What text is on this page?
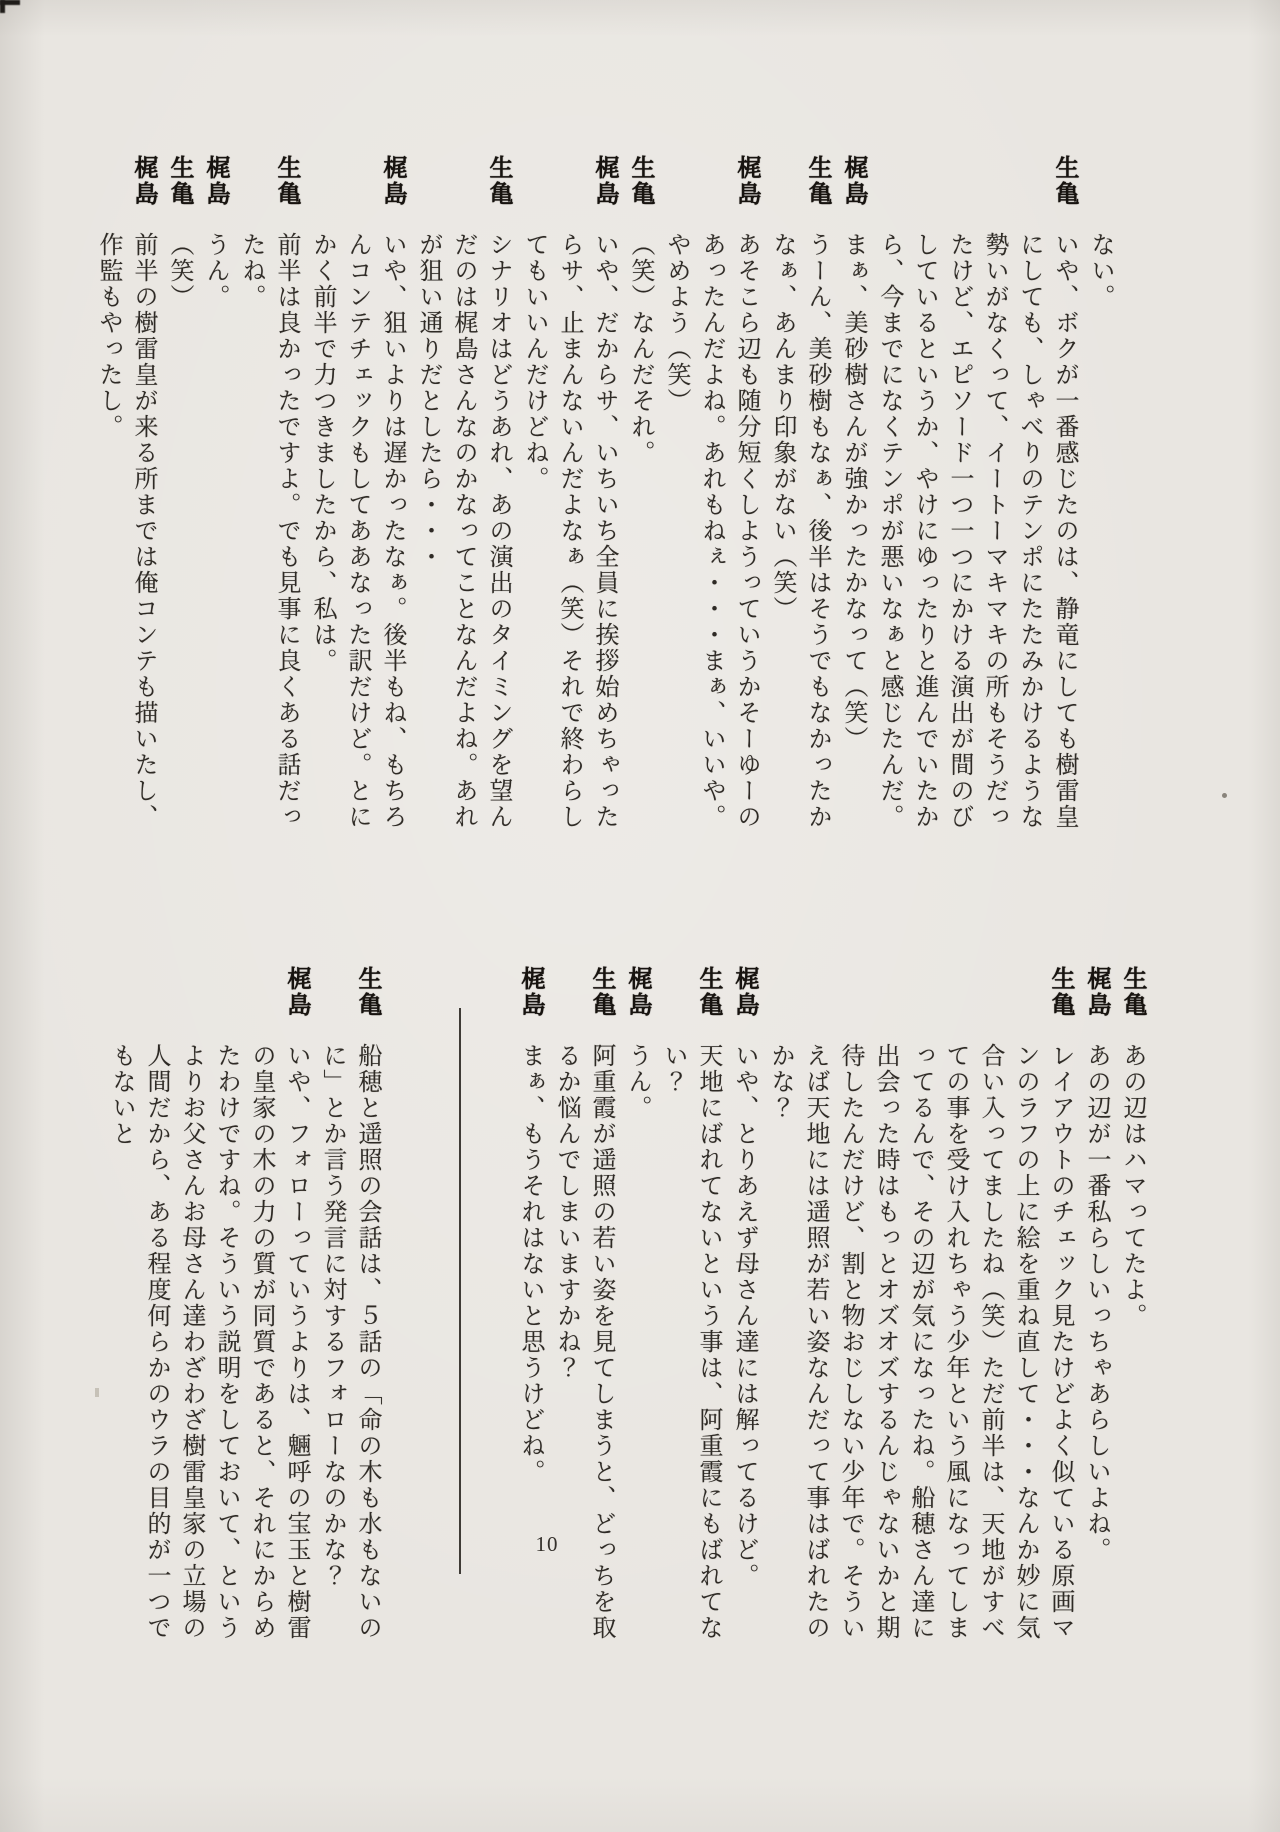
ない。

生亀いや、ボクが一番感じたのは、静竜にしても樹雷皇にしても、しゃべりのテンポにたたみかけるような勢いがなくって、イートーマキマキの所もそうだったけど、エピソード一つ一つにかける演出が間のびしているというか、やけにゆったりと進んでいたから、今までになくテンポが悪いなぁと感じたんだ。

梶島まぁ、美砂樹さんが強かったかなって（笑）

生亀うーん、美砂樹もなぁ、後半はそうでもなかったかなぁ、あんまり印象がない（笑）

梶島あそこら辺も随分短くしようっていうかそーゆーのあったんだよね。あれもねぇ・・・まぁ、いいや。やめよう（笑）

生亀（笑）なんだそれ。

梶島いや、だからサ、いちいち全員に挨拶始めちゃったらサ、止まんないんだよなぁ（笑）それで終わらしてもいいんだけどね。

生亀シナリオはどうあれ、あの演出のタイミングを望んだのは梶島さんなのかなってことなんだよね。あれが狙い通りだとしたら・・・

梶島いや、狙いよりは遅かったなぁ。後半もね、もちろんコンテチェックもしてああなった訳だけど。とにかく前半で力つきましたから、私は。

生亀前半は良かったですよ。でも見事に良くある話だったね。

梶島うん。

生亀（笑）

梶島前半の樹雷皇が来る所までは俺コンテも描いたし、作監もやったし。

生亀あの辺はハマってたよ。

梶島あの辺が一番私らしいっちゃあらしいよね。

生亀レイアウトのチェック見たけどよく似ている原画マンのラフの上に絵を重ね直して・・・なんか妙に気合い入ってましたね（笑）ただ前半は、天地がすべての事を受け入れちゃう少年という風になってしまってるんで、その辺が気になったね。船穂さん達に出会った時はもっとオズオズするんじゃないかと期待したんだけど、割と物おじしない少年で。そういえば天地には遥照が若い姿なんだって事はばれたのかな？

梶島いや、とりあえず母さん達には解ってるけど。

生亀天地にばれてないという事は、阿重霞にもばれてない？

梶島うん。

生亀阿重霞が遥照の若い姿を見てしまうと、どっちを取るか悩んでしまいますかね？

梶島まぁ、もうそれはないと思うけどね。

生亀船穂と遥照の会話は、５話の「命の木も水もないのに」とか言う発言に対するフォローなのかな？

梶島いや、フォローっていうよりは、魎呼の宝玉と樹雷の皇家の木の力の質が同質であると、それにからめたわけですね。そういう説明をしておいて、というよりお父さんお母さん達わざわざ樹雷皇家の立場の人間だから、ある程度何らかのウラの目的が一つでもないと

10
